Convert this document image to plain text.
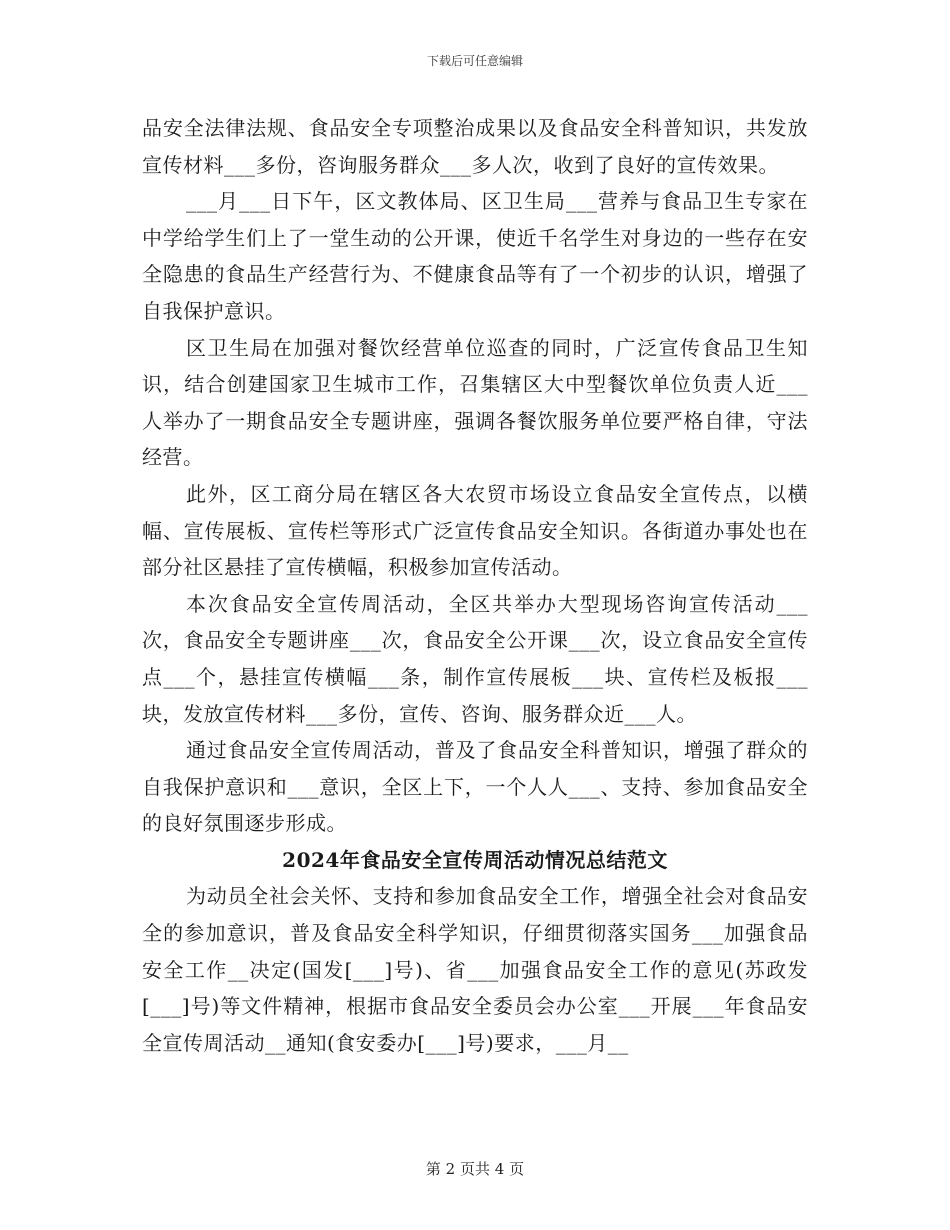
下载后可任意编辑

品安全法律法规、食品安全专项整治成果以及食品安全科普知识，共发放宣传材料___多份，咨询服务群众___多人次，收到了良好的宣传效果。

___月___日下午，区文教体局、区卫生局___营养与食品卫生专家在中学给学生们上了一堂生动的公开课，使近千名学生对身边的一些存在安全隐患的食品生产经营行为、不健康食品等有了一个初步的认识，增强了自我保护意识。

区卫生局在加强对餐饮经营单位巡查的同时，广泛宣传食品卫生知识，结合创建国家卫生城市工作，召集辖区大中型餐饮单位负责人近___人举办了一期食品安全专题讲座，强调各餐饮服务单位要严格自律，守法经营。

此外，区工商分局在辖区各大农贸市场设立食品安全宣传点，以横幅、宣传展板、宣传栏等形式广泛宣传食品安全知识。各街道办事处也在部分社区悬挂了宣传横幅，积极参加宣传活动。

本次食品安全宣传周活动，全区共举办大型现场咨询宣传活动___次，食品安全专题讲座___次，食品安全公开课___次，设立食品安全宣传点___个，悬挂宣传横幅___条，制作宣传展板___块、宣传栏及板报___块，发放宣传材料___多份，宣传、咨询、服务群众近___人。

通过食品安全宣传周活动，普及了食品安全科普知识，增强了群众的自我保护意识和___意识，全区上下，一个人人___、支持、参加食品安全的良好氛围逐步形成。

2024年食品安全宣传周活动情况总结范文

为动员全社会关怀、支持和参加食品安全工作，增强全社会对食品安全的参加意识，普及食品安全科学知识，仔细贯彻落实国务___加强食品安全工作__决定(国发[___]号)、省___加强食品安全工作的意见(苏政发[___]号)等文件精神，根据市食品安全委员会办公室___开展___年食品安全宣传周活动__通知(食安委办[___]号)要求，___月__

第 2 页共 4 页
